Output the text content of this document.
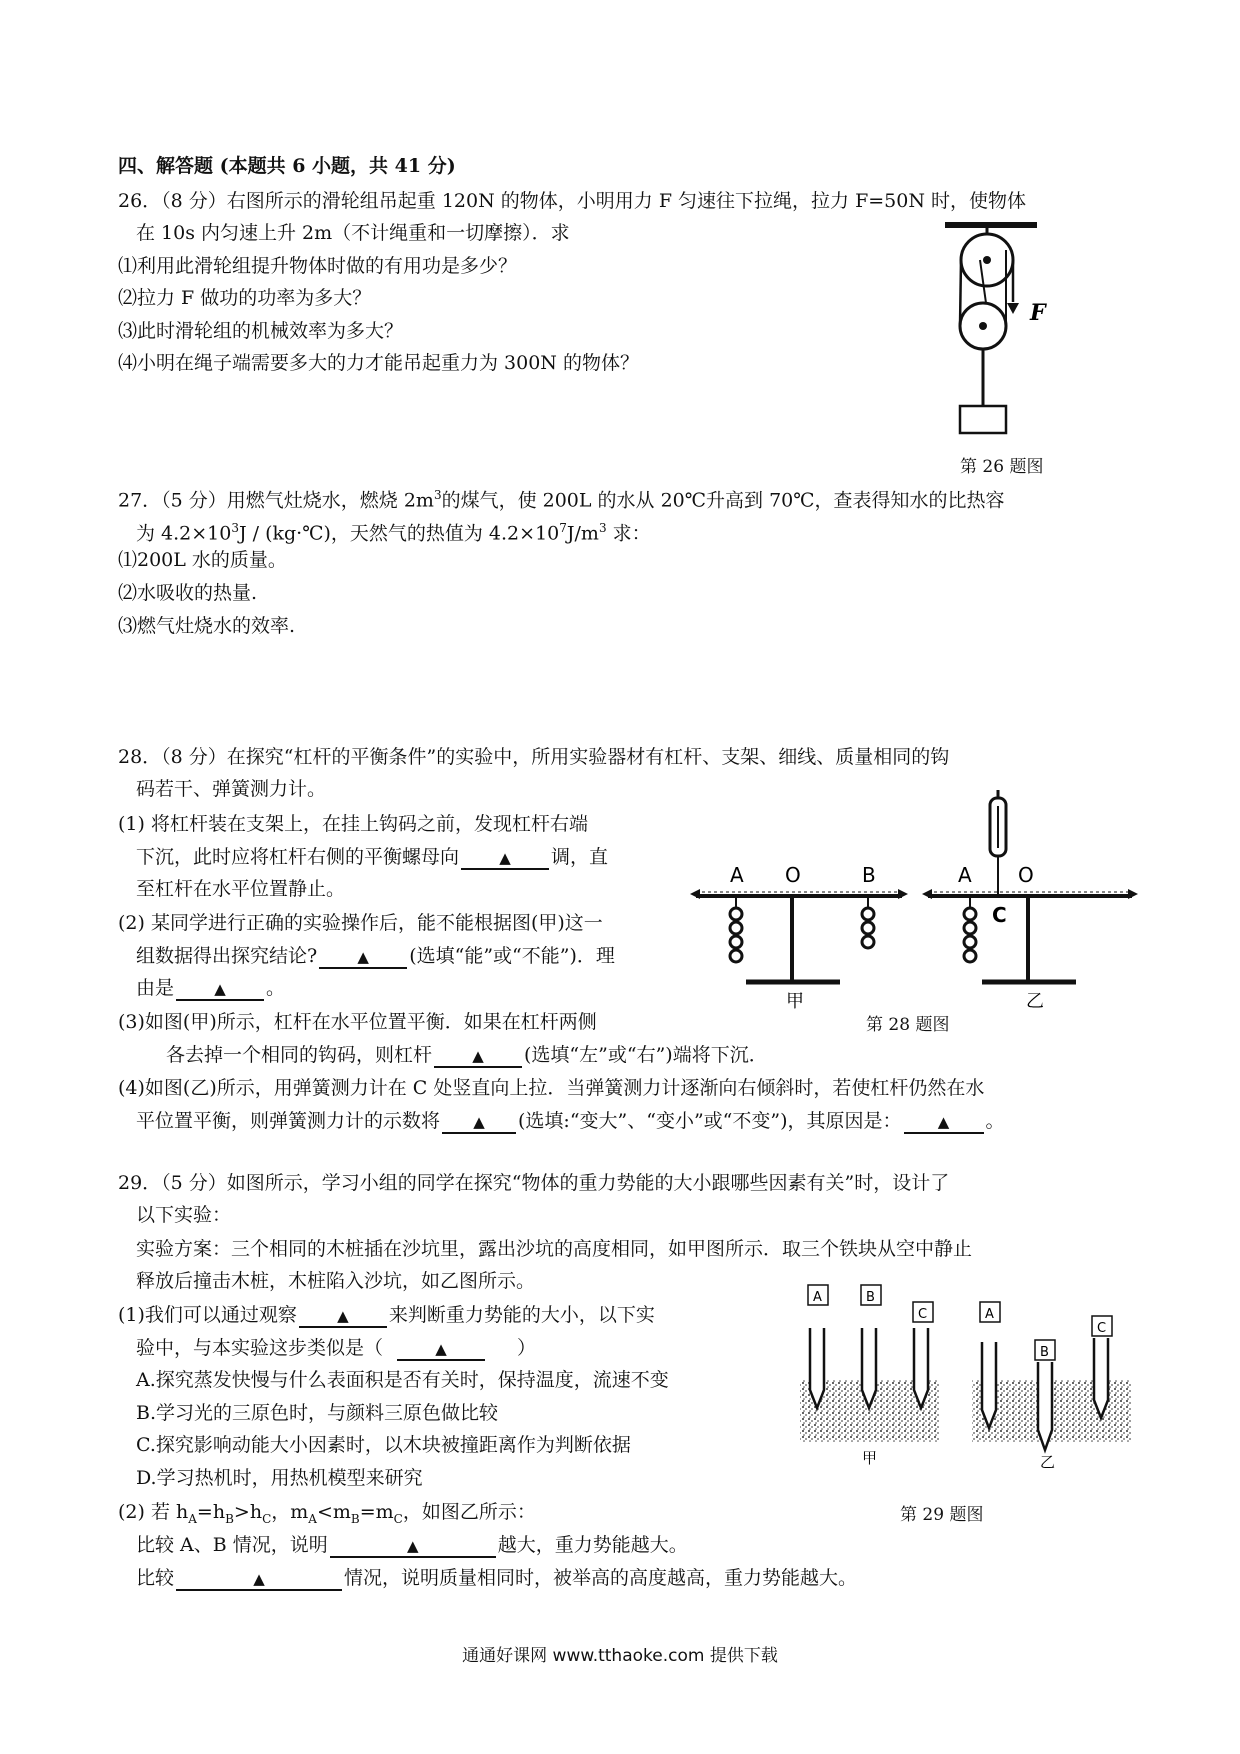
四、解答题 (本题共 6 小题，共 41 分)
26．（8 分）右图所示的滑轮组吊起重 120N 的物体，小明用力 F 匀速往下拉绳，拉力 F=50N 时，使物体
在 10s 内匀速上升 2m（不计绳重和一切摩擦）．求
⑴利用此滑轮组提升物体时做的有用功是多少？
⑵拉力 F 做功的功率为多大？
⑶此时滑轮组的机械效率为多大？
⑷小明在绳子端需要多大的力才能吊起重力为 300N 的物体？
F
第 26 题图
27．（5 分）用燃气灶烧水，燃烧 $2m^3$的煤气，使 200L 的水从 20℃升高到 70℃，查表得知水的比热容
为 $4.2\times 10^3J$ / (kg·℃)，天然气的热值为 $4.2\times 10^7J/m^3$ 求：
⑴200L 水的质量。
⑵水吸收的热量.
⑶燃气灶烧水的效率.
28．（8 分）在探究“杠杆的平衡条件”的实验中，所用实验器材有杠杆、支架、细线、质量相同的钩
码若干、弹簧测力计。
(1) 将杠杆装在支架上，在挂上钩码之前，发现杠杆右端
下沉，此时应将杠杆右侧的平衡螺母向	▲ 调，直
至杠杆在水平位置静止。
(2) 某同学进行正确的实验操作后，能不能根据图(甲)这一
组数据得出探究结论?	▲ (选填“能”或“不能”)．理
由是	▲ 。
(3)如图(甲)所示，杠杆在水平位置平衡．如果在杠杆两侧
各去掉一个相同的钩码，则杠杆	▲ (选填“左”或“右”)端将下沉．
(4)如图(乙)所示，用弹簧测力计在 C 处竖直向上拉．当弹簧测力计逐渐向右倾斜时，若使杠杆仍然在水
平位置平衡，则弹簧测力计的示数将 ▲ (选填:“变大”、“变小”或“不变”)，其原因是： ▲ 。
A O	B
甲
A O
C
乙
第 28 题图
29．（5 分）如图所示，学习小组的同学在探究“物体的重力势能的大小跟哪些因素有关”时，设计了
以下实验：
实验方案：三个相同的木桩插在沙坑里，露出沙坑的高度相同，如甲图所示．取三个铁块从空中静止
释放后撞击木桩，木桩陷入沙坑，如乙图所示。
(1)我们可以通过观察	▲ 来判断重力势能的大小，以下实
验中，与本实验这步类似是（	▲	）
A.探究蒸发快慢与什么表面积是否有关时，保持温度，流速不变
B.学习光的三原色时，与颜料三原色做比较
C.探究影响动能大小因素时，以木块被撞距离作为判断依据
D.学习热机时，用热机模型来研究
(2) 若 $h_A=h_B>h_C$，$m_A<m_B=m_C$，如图乙所示：
比较 A、B 情况，说明	▲	越大，重力势能越大。
比较	▲	情况，说明质量相同时，被举高的高度越高，重力势能越大。
A	B
C
甲
A
B
C
乙
第 29 题图
通通好课网 www.tthaoke.com 提供下载
